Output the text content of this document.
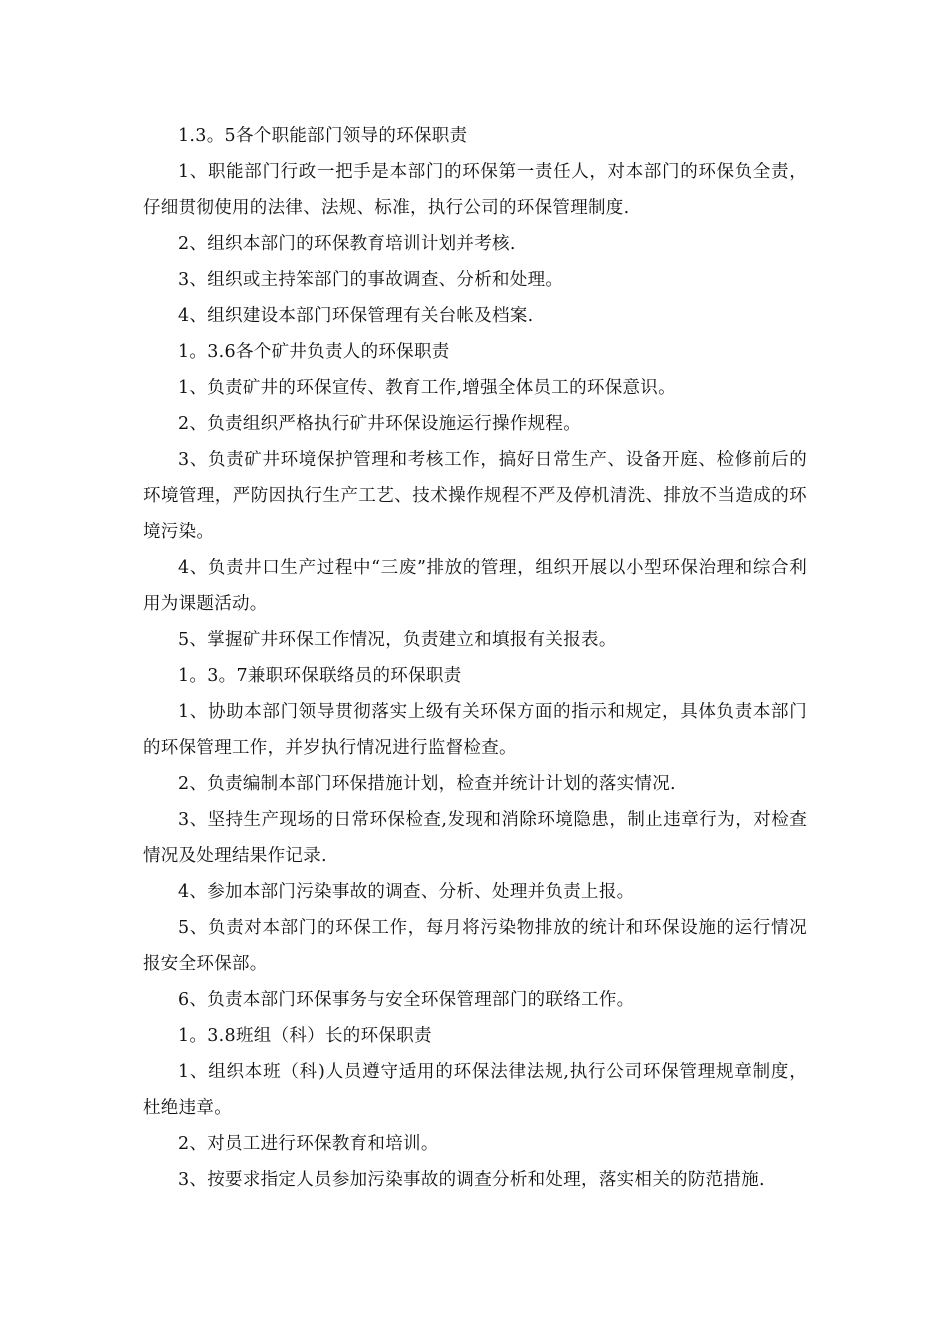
1.3。5各个职能部门领导的环保职责

1、职能部门行政一把手是本部门的环保第一责任人，对本部门的环保负全责，仔细贯彻使用的法律、法规、标准，执行公司的环保管理制度.

2、组织本部门的环保教育培训计划并考核.

3、组织或主持笨部门的事故调查、分析和处理。

4、组织建设本部门环保管理有关台帐及档案.

1。3.6各个矿井负责人的环保职责

1、负责矿井的环保宣传、教育工作,增强全体员工的环保意识。

2、负责组织严格执行矿井环保设施运行操作规程。

3、负责矿井环境保护管理和考核工作，搞好日常生产、设备开庭、检修前后的环境管理，严防因执行生产工艺、技术操作规程不严及停机清洗、排放不当造成的环境污染。

4、负责井口生产过程中“三废”排放的管理，组织开展以小型环保治理和综合利用为课题活动。

5、掌握矿井环保工作情况，负责建立和填报有关报表。

1。3。7兼职环保联络员的环保职责

1、协助本部门领导贯彻落实上级有关环保方面的指示和规定，具体负责本部门的环保管理工作，并岁执行情况进行监督检查。

2、负责编制本部门环保措施计划，检查并统计计划的落实情况.

3、坚持生产现场的日常环保检查,发现和消除环境隐患，制止违章行为，对检查情况及处理结果作记录.

4、参加本部门污染事故的调查、分析、处理并负责上报。

5、负责对本部门的环保工作，每月将污染物排放的统计和环保设施的运行情况报安全环保部。

6、负责本部门环保事务与安全环保管理部门的联络工作。

1。3.8班组（科）长的环保职责

1、组织本班（科)人员遵守适用的环保法律法规,执行公司环保管理规章制度，杜绝违章。

2、对员工进行环保教育和培训。

3、按要求指定人员参加污染事故的调查分析和处理，落实相关的防范措施.
